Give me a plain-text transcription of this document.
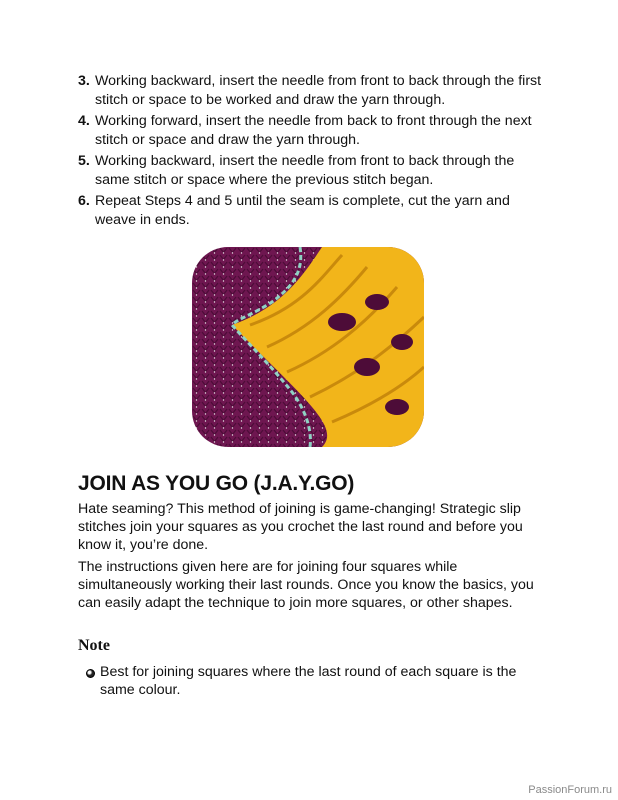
3. Working backward, insert the needle from front to back through the first stitch or space to be worked and draw the yarn through.
4. Working forward, insert the needle from back to front through the next stitch or space and draw the yarn through.
5. Working backward, insert the needle from front to back through the same stitch or space where the previous stitch began.
6. Repeat Steps 4 and 5 until the seam is complete, cut the yarn and weave in ends.
JOIN AS YOU GO (J.A.Y.GO)

Hate seaming? This method of joining is game-changing! Strategic slip stitches join your squares as you crochet the last round and before you know it, you’re done.

The instructions given here are for joining four squares while simultaneously working their last rounds. Once you know the basics, you can easily adapt the technique to join more squares, or other shapes.

Note
Best for joining squares where the last round of each square is the same colour.
PassionForum.ru
